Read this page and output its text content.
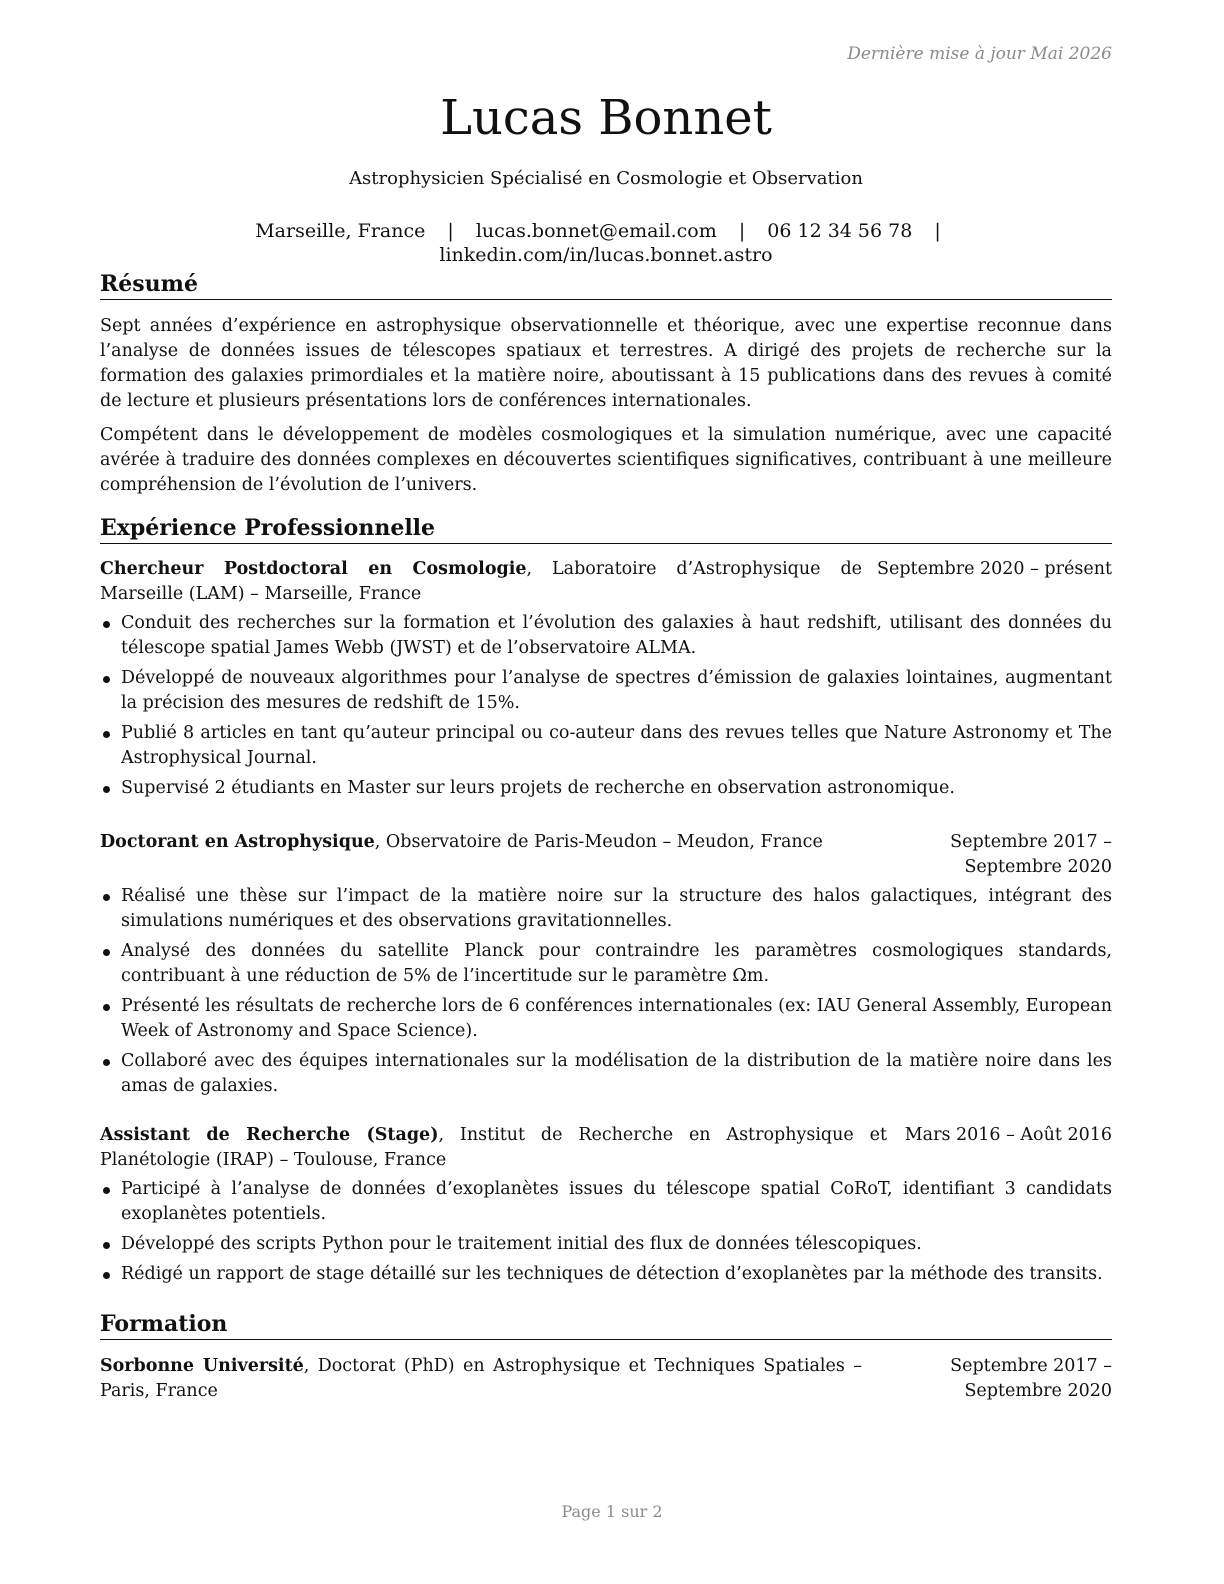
Dernière mise à jour Mai 2026
Lucas Bonnet
Astrophysicien Spécialisé en Cosmologie et Observation
Marseille, France | lucas.bonnet@email.com | 06 12 34 56 78 | linkedin.com/in/lucas.bonnet.astro
Résumé
Sept années d’expérience en astrophysique observationnelle et théorique, avec une expertise reconnue dans l’analyse de données issues de télescopes spatiaux et terrestres. A dirigé des projets de recherche sur la formation des galaxies primordiales et la matière noire, aboutissant à 15 publications dans des revues à comité de lecture et plusieurs présentations lors de conférences internationales.
Compétent dans le développement de modèles cosmologiques et la simulation numérique, avec une capacité avérée à traduire des données complexes en découvertes scientifiques significatives, contribuant à une meilleure compréhension de l’évolution de l’univers.
Expérience Professionnelle
Chercheur Postdoctoral en Cosmologie, Laboratoire d’Astrophysique de Marseille (LAM) – Marseille, France
Septembre 2020 – présent
Conduit des recherches sur la formation et l’évolution des galaxies à haut redshift, utilisant des données du télescope spatial James Webb (JWST) et de l’observatoire ALMA.
Développé de nouveaux algorithmes pour l’analyse de spectres d’émission de galaxies lointaines, augmentant la précision des mesures de redshift de 15%.
Publié 8 articles en tant qu’auteur principal ou co-auteur dans des revues telles que Nature Astronomy et The Astrophysical Journal.
Supervisé 2 étudiants en Master sur leurs projets de recherche en observation astronomique.
Doctorant en Astrophysique, Observatoire de Paris-Meudon – Meudon, France	Septembre 2017 – Septembre 2020
Réalisé une thèse sur l’impact de la matière noire sur la structure des halos galactiques, intégrant des simulations numériques et des observations gravitationnelles.
Analysé des données du satellite Planck pour contraindre les paramètres cosmologiques standards, contribuant à une réduction de 5% de l’incertitude sur le paramètre Ωm.
Présenté les résultats de recherche lors de 6 conférences internationales (ex: IAU General Assembly, European Week of Astronomy and Space Science).
Collaboré avec des équipes internationales sur la modélisation de la distribution de la matière noire dans les amas de galaxies.
Assistant de Recherche (Stage), Institut de Recherche en Astrophysique et Planétologie (IRAP) – Toulouse, France
Mars 2016 – Août 2016
Participé à l’analyse de données d’exoplanètes issues du télescope spatial CoRoT, identifiant 3 candidats exoplanètes potentiels.
Développé des scripts Python pour le traitement initial des flux de données télescopiques.
Rédigé un rapport de stage détaillé sur les techniques de détection d’exoplanètes par la méthode des transits.
Formation
Sorbonne Université, Doctorat (PhD) en Astrophysique et Techniques Spatiales – Paris, France
Septembre 2017 – Septembre 2020
Page 1 sur 2
